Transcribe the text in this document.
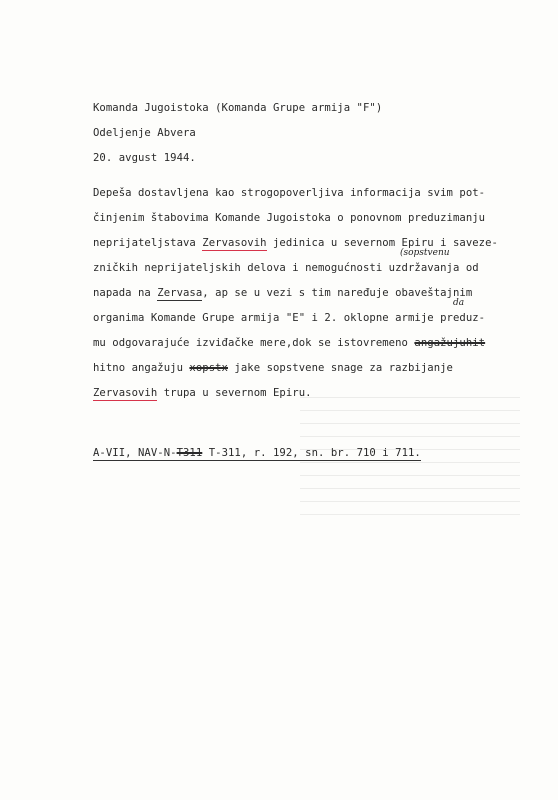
Komanda Jugoistoka (Komanda Grupe armija "F")
Odeljenje Abvera
20. avgust 1944.
Depeša dostavljena kao strogopoverljiva informacija svim pot-
činjenim štabovima Komande Jugoistoka o ponovnom preduzimanju
neprijateljstava Zervasovih jedinica u severnom Epiru i saveze-
zničkih neprijateljskih delova i nemogućnosti uzdržavanja od
napada na Zervasa, ap se u vezi s tim naređuje obaveštajnim
organima Komande Grupe armija "E" i 2. oklopne armije preduz-
mu odgovarajuće izviđačke mere,dok se istovremeno angažujuhit
hitno angažuju xopstx jake sopstvene snage za razbijanje
Zervasovih trupa u severnom Epiru.
(sopstvenu
da
A-VII, NAV-N-T311 T-311, r. 192, sn. br. 710 i 711.
